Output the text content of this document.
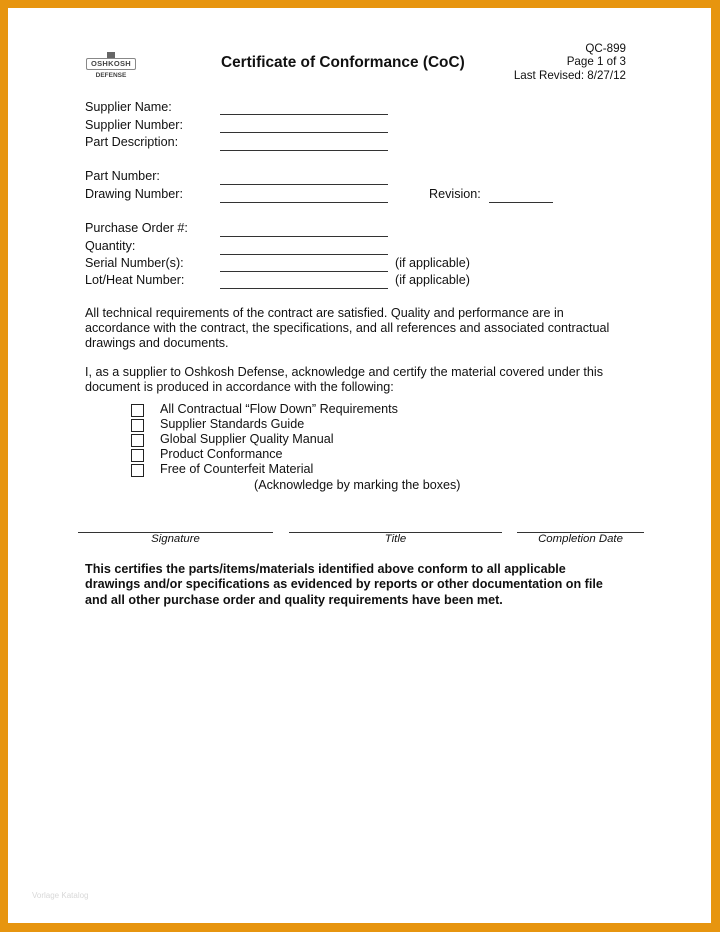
OSHKOSH
DEFENSE
Certificate of Conformance (CoC)
QC-899
Page 1 of 3
Last Revised: 8/27/12
Supplier Name:
Supplier Number:
Part Description:
Part Number:
Drawing Number:	Revision:
Purchase Order #:
Quantity:
Serial Number(s):	(if applicable)
Lot/Heat Number:	(if applicable)
All technical requirements of the contract are satisfied. Quality and performance are in
accordance with the contract, the specifications, and all references and associated contractual
drawings and documents.
I, as a supplier to Oshkosh Defense, acknowledge and certify the material covered under this
document is produced in accordance with the following:
All Contractual “Flow Down” Requirements
Supplier Standards Guide
Global Supplier Quality Manual
Product Conformance
Free of Counterfeit Material
(Acknowledge by marking the boxes)
Signature	Title	Completion Date
This certifies the parts/items/materials identified above conform to all applicable
drawings and/or specifications as evidenced by reports or other documentation on file
and all other purchase order and quality requirements have been met.
Vorlage Katalog
